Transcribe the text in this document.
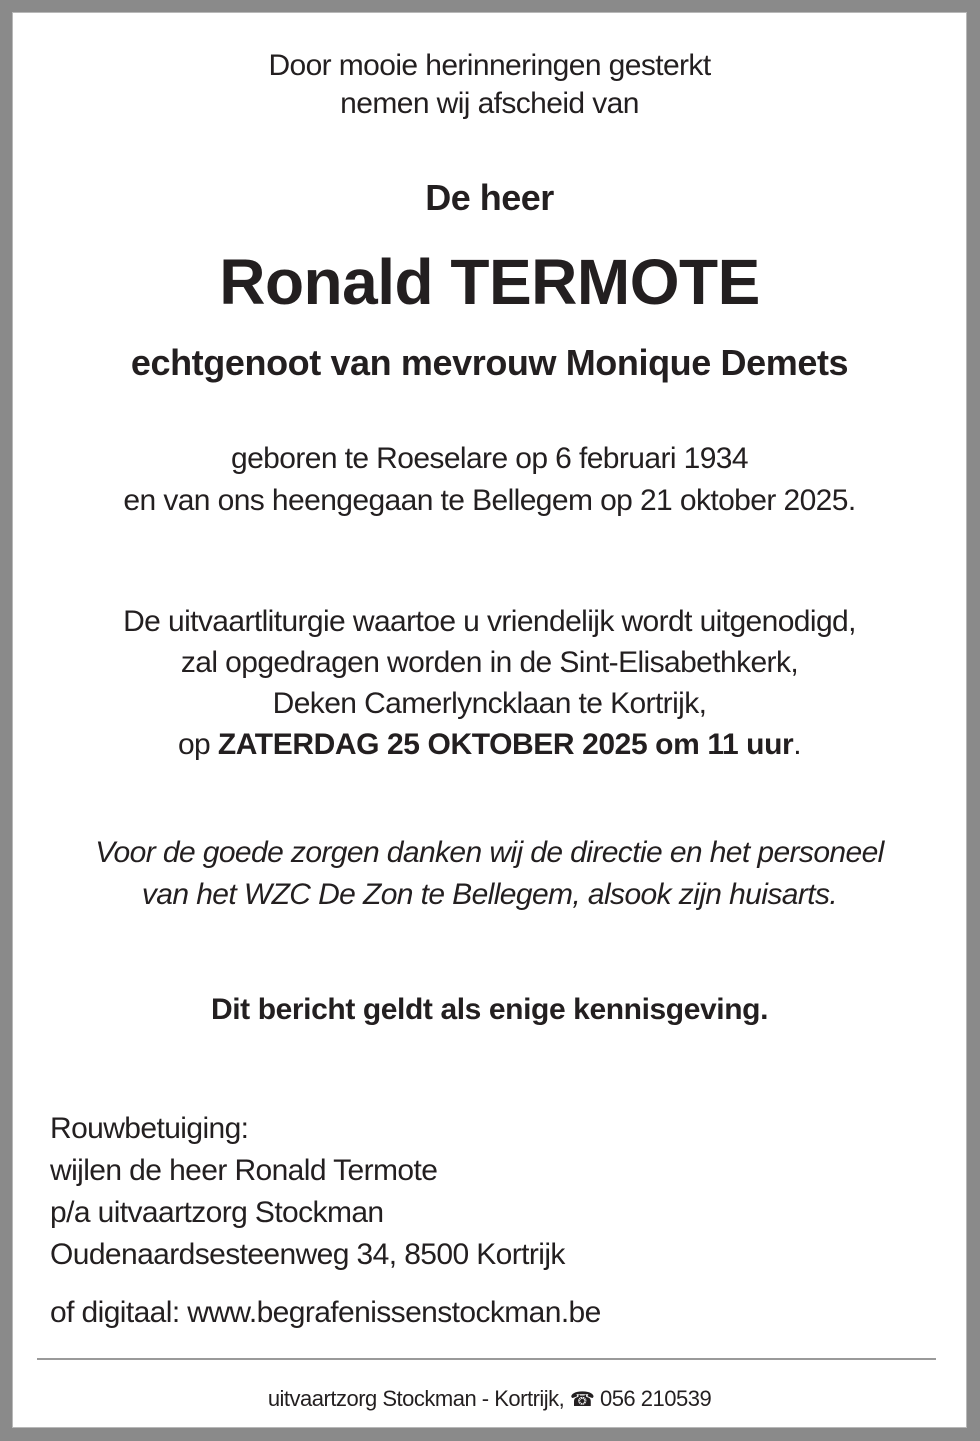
Door mooie herinneringen gesterkt
nemen wij afscheid van
De heer
Ronald TERMOTE
echtgenoot van mevrouw Monique Demets
geboren te Roeselare op 6 februari 1934
en van ons heengegaan te Bellegem op 21 oktober 2025.
De uitvaartliturgie waartoe u vriendelijk wordt uitgenodigd,
zal opgedragen worden in de Sint-Elisabethkerk,
Deken Camerlyncklaan te Kortrijk,
op ZATERDAG 25 OKTOBER 2025 om 11 uur.
Voor de goede zorgen danken wij de directie en het personeel
van het WZC De Zon te Bellegem, alsook zijn huisarts.
Dit bericht geldt als enige kennisgeving.
Rouwbetuiging:
wijlen de heer Ronald Termote
p/a uitvaartzorg Stockman
Oudenaardsesteenweg 34, 8500 Kortrijk
of digitaal: www.begrafenissenstockman.be
uitvaartzorg Stockman - Kortrijk, ☎ 056 210539
